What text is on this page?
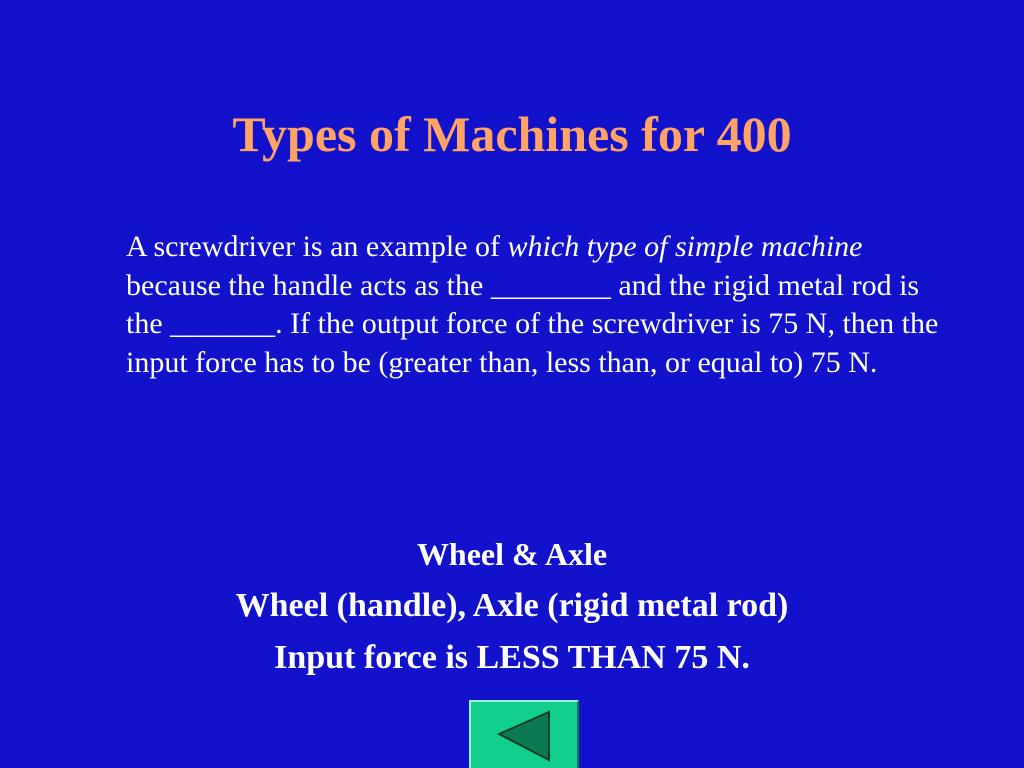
Types of Machines for 400

A screwdriver is an example of which type of simple machine because the handle acts as the ________ and the rigid metal rod is the _______. If the output force of the screwdriver is 75 N, then the input force has to be (greater than, less than, or equal to) 75 N.

Wheel & Axle
Wheel (handle), Axle (rigid metal rod)
Input force is LESS THAN 75 N.
